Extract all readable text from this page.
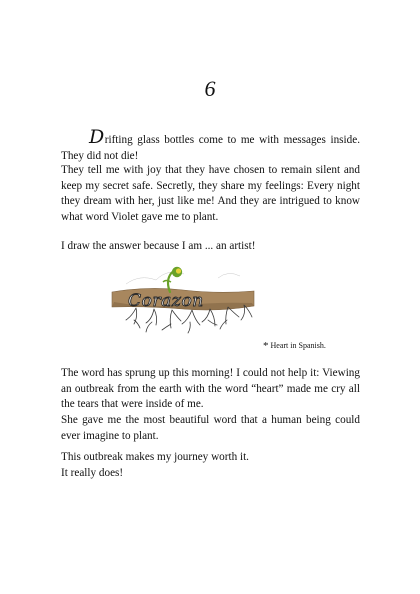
6

Drifting glass bottles come to me with messages inside. They did not die!

They tell me with joy that they have chosen to remain silent and keep my secret safe. Secretly, they share my feelings: Every night they dream with her, just like me! And they are intrigued to know what word Violet gave me to plant.

I draw the answer because I am ... an artist!

Corazon
* Heart in Spanish.

The word has sprung up this morning! I could not help it: Viewing an outbreak from the earth with the word “heart” made me cry all the tears that were inside of me.

She gave me the most beautiful word that a human being could ever imagine to plant.

This outbreak makes my journey worth it.

It really does!
